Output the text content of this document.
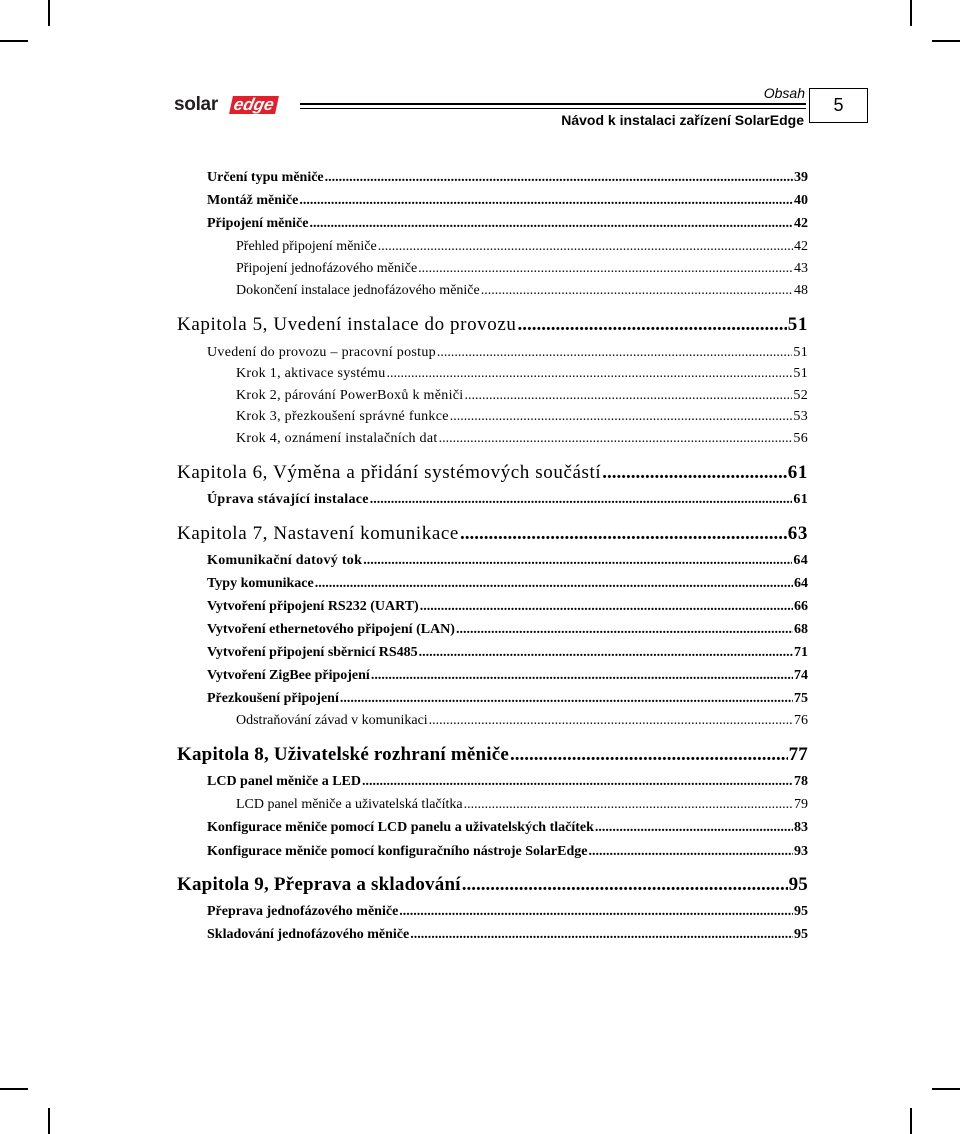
solar edge
Obsah
Návod k instalaci zařízení SolarEdge
5
Určení typu měniče .....	39
Montáž měniče .....	40
Připojení měniče .....	42
Přehled připojení měniče .....	42
Připojení jednofázového měniče .....	43
Dokončení instalace jednofázového měniče .....	48
Kapitola 5, Uvedení instalace do provozu .....	51
Uvedení do provozu – pracovní postup .....	51
Krok 1, aktivace systému .....	51
Krok 2, párování PowerBoxů k měniči .....	52
Krok 3, přezkoušení správné funkce .....	53
Krok 4, oznámení instalačních dat .....	56
Kapitola 6, Výměna a přidání systémových součástí .....	61
Úprava stávající instalace .....	61
Kapitola 7, Nastavení komunikace .....	63
Komunikační datový tok .....	64
Typy komunikace .....	64
Vytvoření připojení RS232 (UART) .....	66
Vytvoření ethernetového připojení (LAN) .....	68
Vytvoření připojení sběrnicí RS485 .....	71
Vytvoření ZigBee připojení .....	74
Přezkoušení připojení .....	75
Odstraňování závad v komunikaci .....	76
Kapitola 8, Uživatelské rozhraní měniče .....	77
LCD panel měniče a LED .....	78
LCD panel měniče a uživatelská tlačítka .....	79
Konfigurace měniče pomocí LCD panelu a uživatelských tlačítek .....	83
Konfigurace měniče pomocí konfiguračního nástroje SolarEdge .....	93
Kapitola 9, Přeprava a skladování .....	95
Přeprava jednofázového měniče .....	95
Skladování jednofázového měniče .....	95
